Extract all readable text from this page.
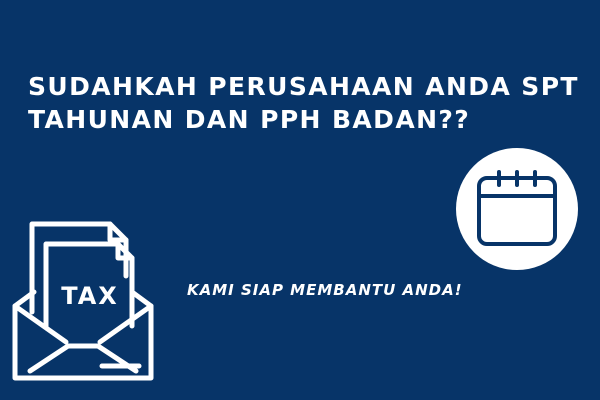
SUDAHKAH PERUSAHAAN ANDA SPT
TAHUNAN DAN PPH BADAN??
TAX	KAMI SIAP MEMBANTU ANDA!
